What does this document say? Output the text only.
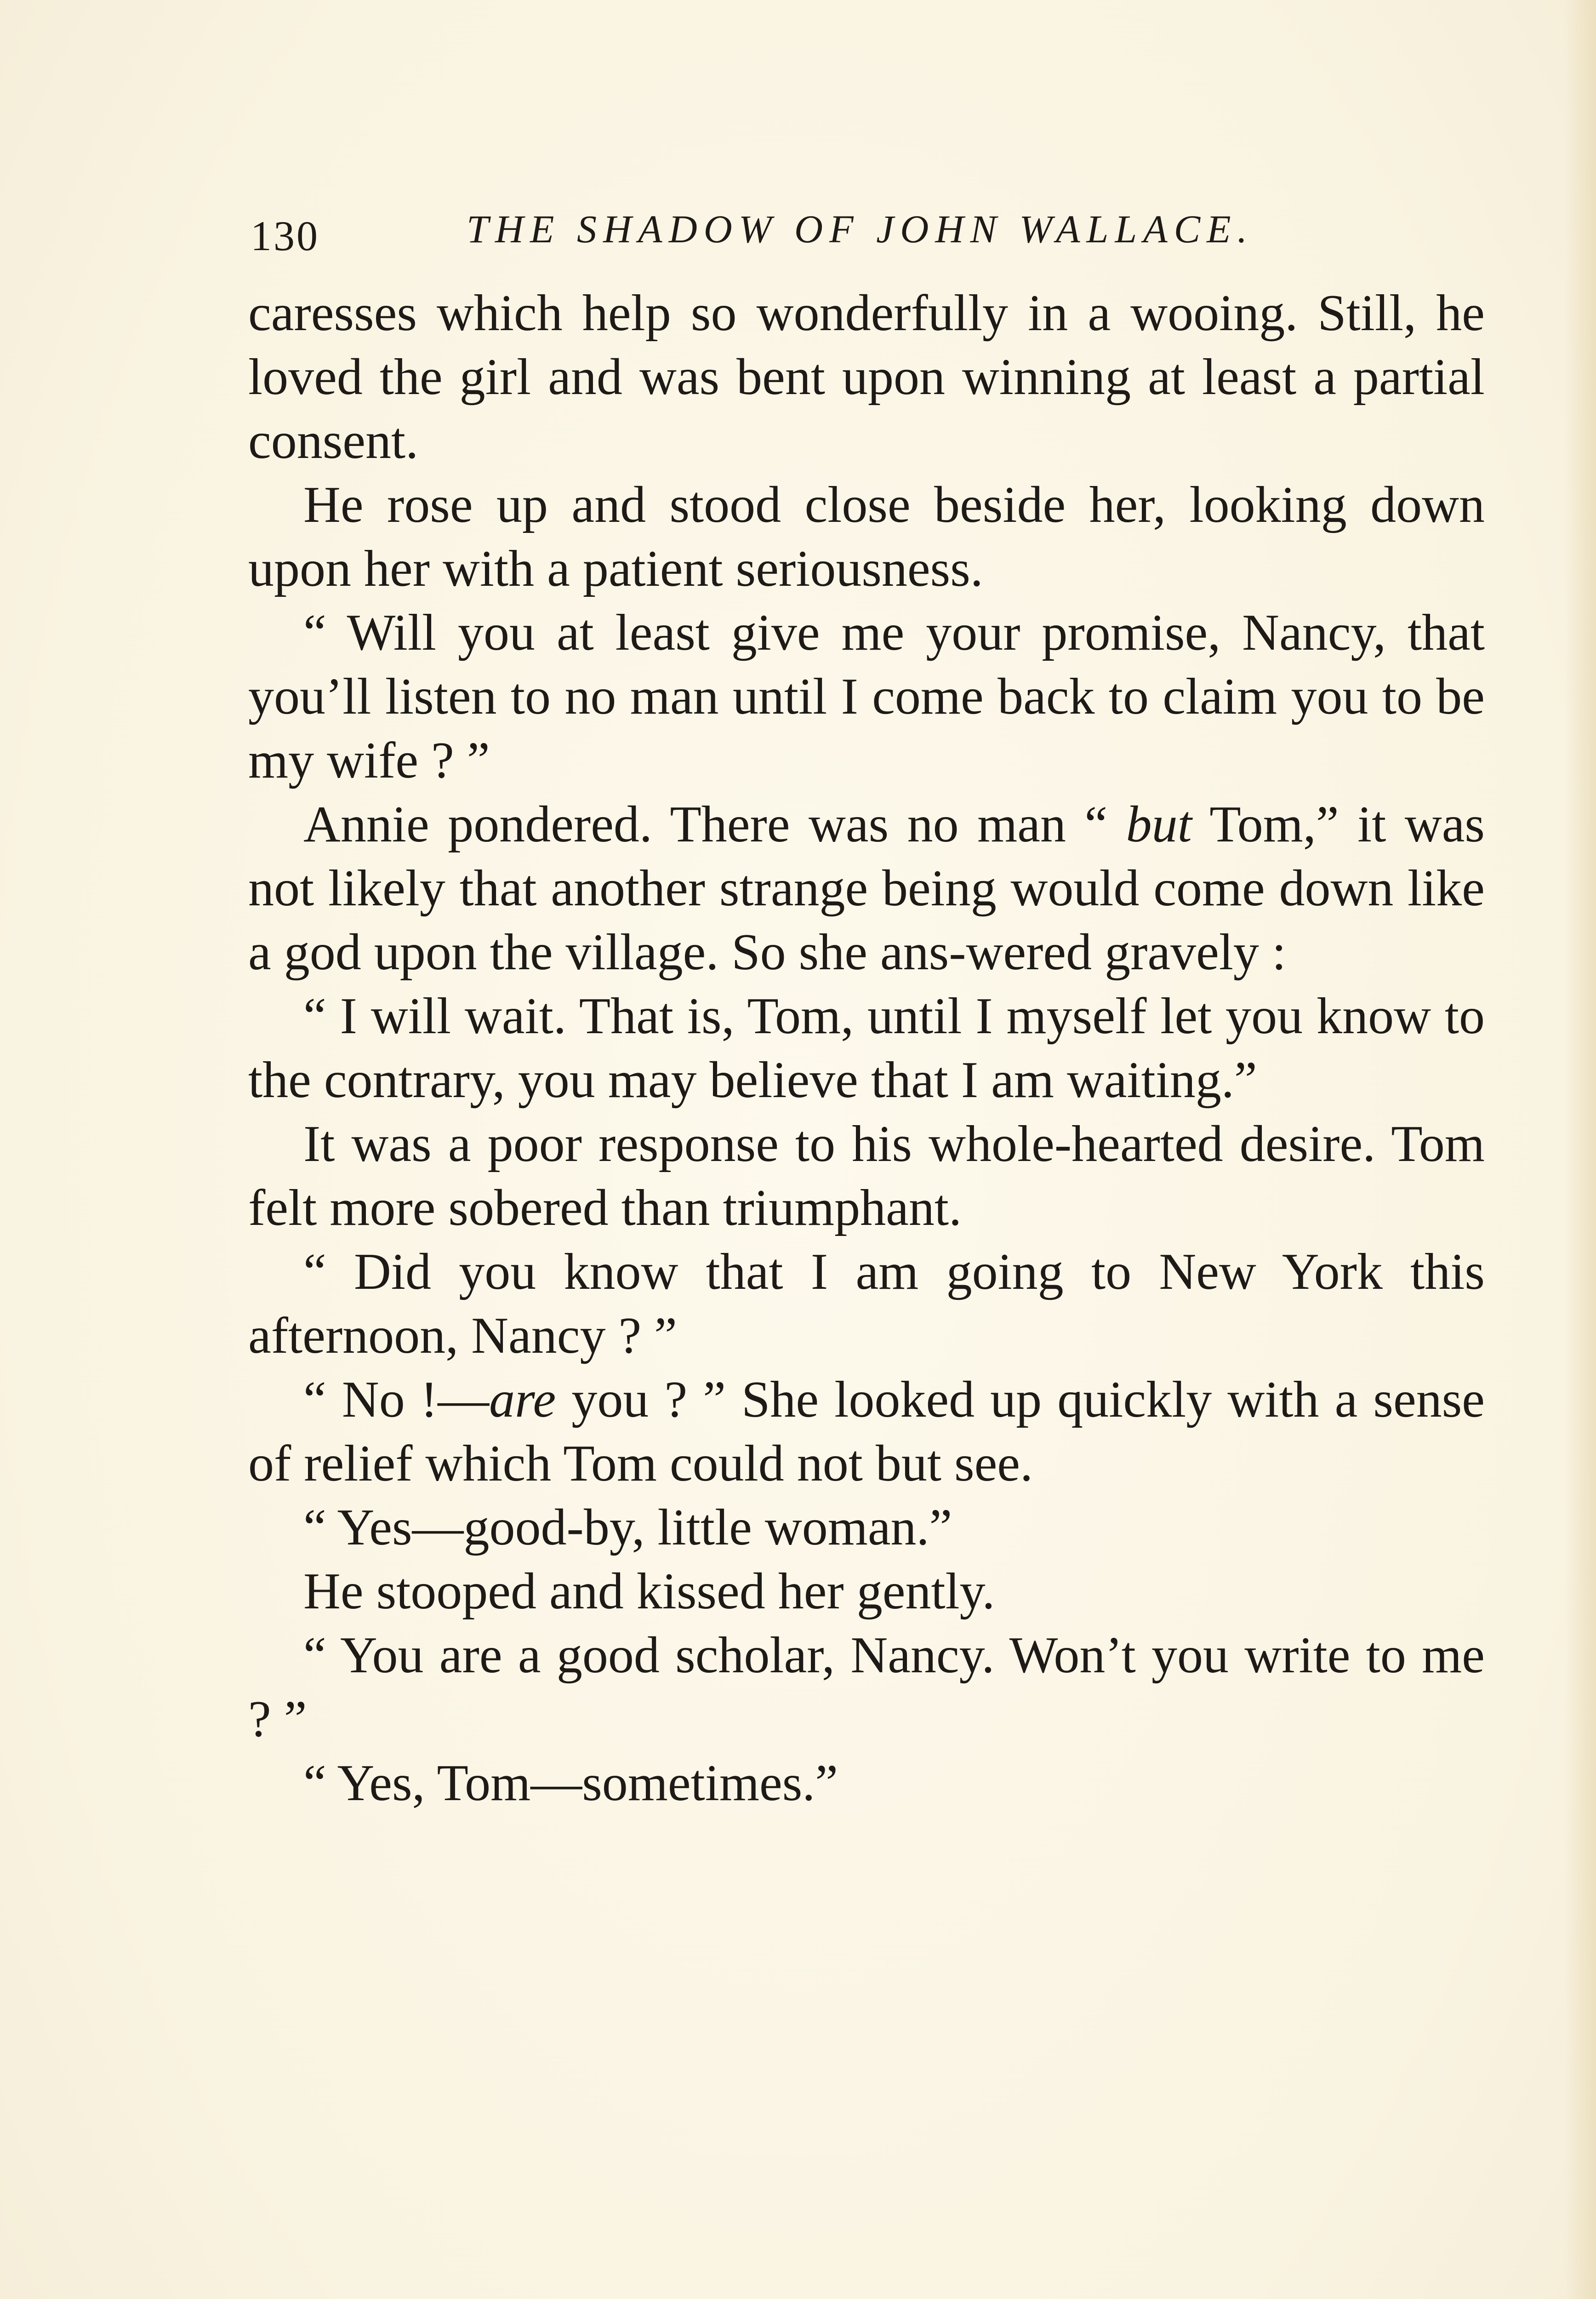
130	THE SHADOW OF JOHN WALLACE.

caresses which help so wonderfully in a wooing. Still, he loved the girl and was bent upon winning at least a partial consent.

He rose up and stood close beside her, looking down upon her with a patient seriousness.

“ Will you at least give me your promise, Nancy, that you’ll listen to no man until I come back to claim you to be my wife ? ”

Annie pondered. There was no man “ but Tom,” it was not likely that another strange being would come down like a god upon the village. So she ans-wered gravely :

“ I will wait. That is, Tom, until I myself let you know to the contrary, you may believe that I am waiting.”

It was a poor response to his whole-hearted desire. Tom felt more sobered than triumphant.

“ Did you know that I am going to New York this afternoon, Nancy ? ”

“ No !—are you ? ” She looked up quickly with a sense of relief which Tom could not but see.

“ Yes—good-by, little woman.”

He stooped and kissed her gently.

“ You are a good scholar, Nancy. Won’t you write to me ? ”

“ Yes, Tom—sometimes.”
